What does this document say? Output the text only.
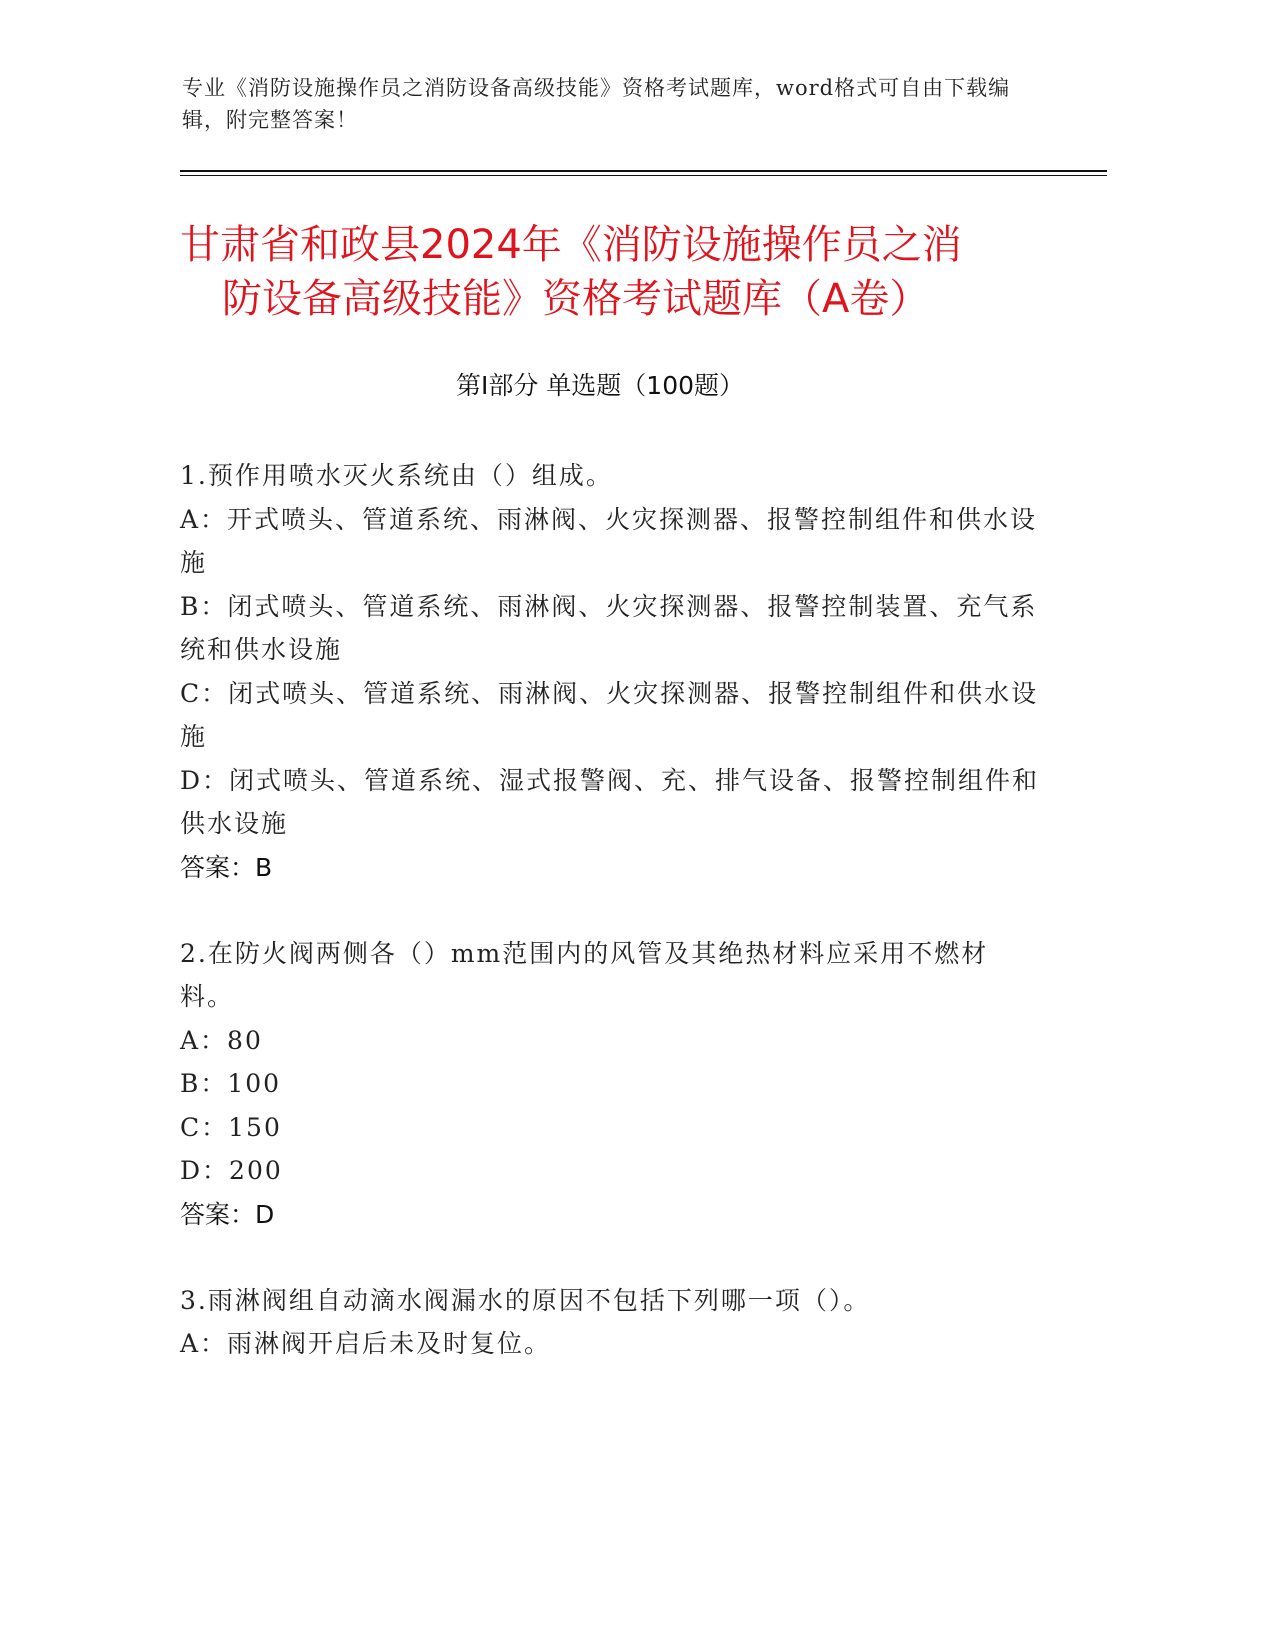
专业《消防设施操作员之消防设备高级技能》资格考试题库，word格式可自由下载编辑，附完整答案！
甘肃省和政县2024年《消防设施操作员之消
防设备高级技能》资格考试题库（A卷）
第Ⅰ部分 单选题（100题）
1.预作用喷水灭火系统由（）组成。
A：开式喷头、管道系统、雨淋阀、火灾探测器、报警控制组件和供水设施
B：闭式喷头、管道系统、雨淋阀、火灾探测器、报警控制装置、充气系统和供水设施
C：闭式喷头、管道系统、雨淋阀、火灾探测器、报警控制组件和供水设施
D：闭式喷头、管道系统、湿式报警阀、充、排气设备、报警控制组件和供水设施
答案：B
2.在防火阀两侧各（）mm范围内的风管及其绝热材料应采用不燃材料。
A：80
B：100
C：150
D：200
答案：D
3.雨淋阀组自动滴水阀漏水的原因不包括下列哪一项（）。
A：雨淋阀开启后未及时复位。
